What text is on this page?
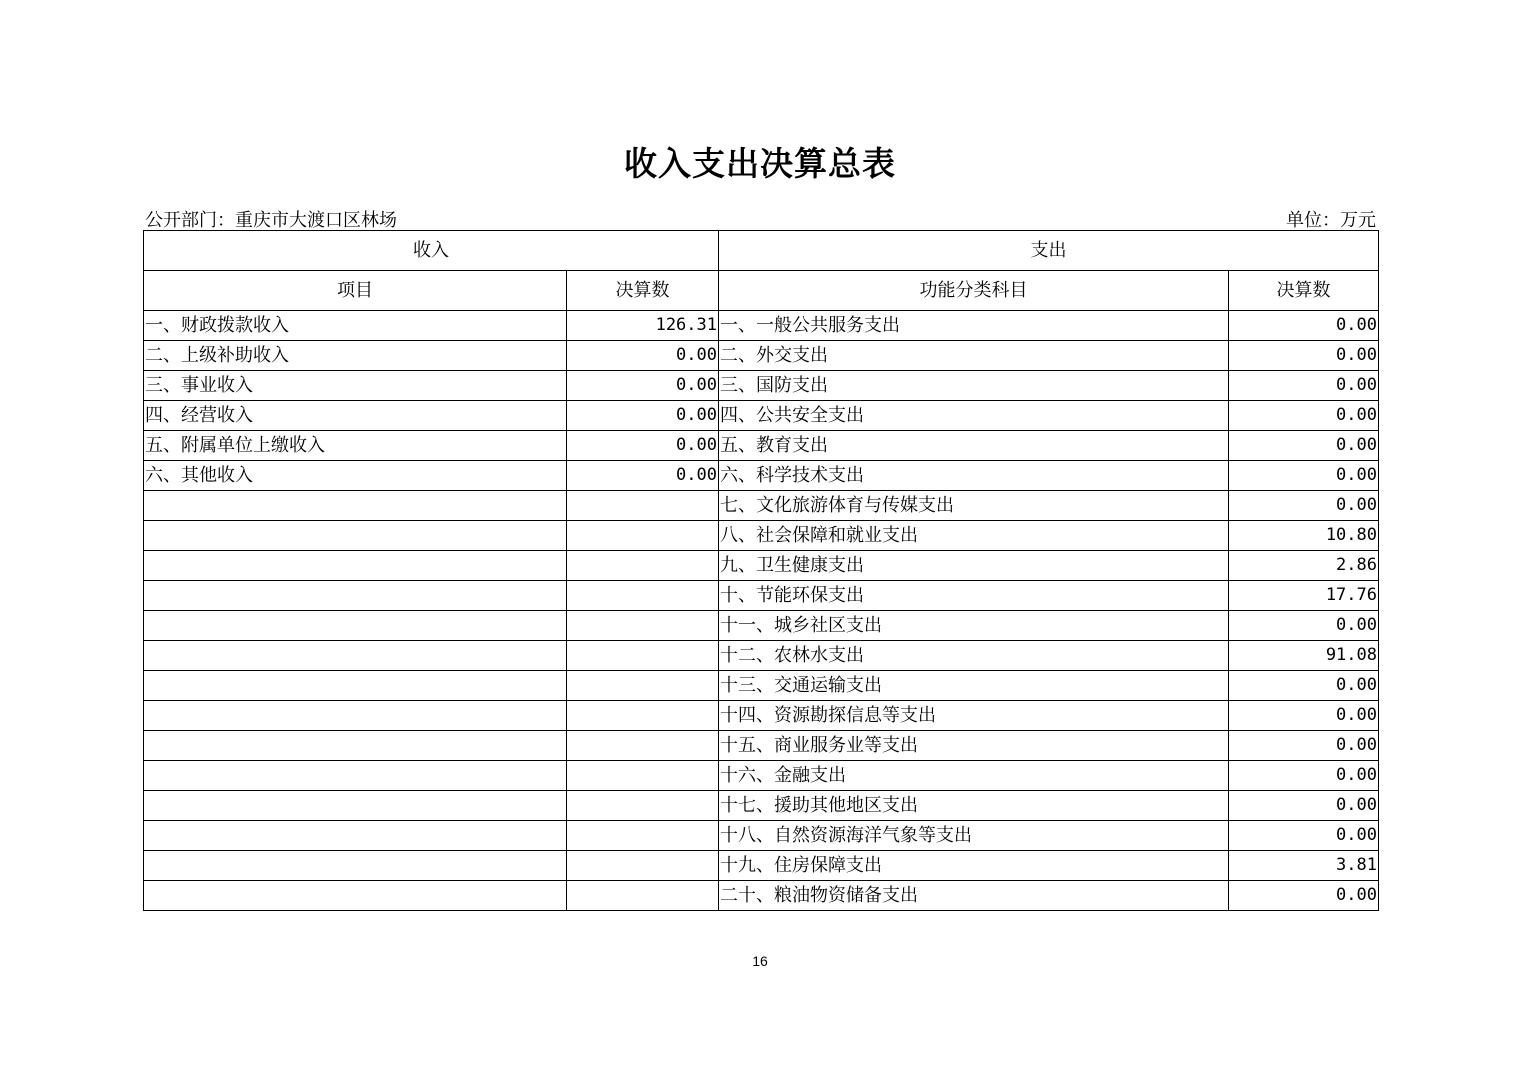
收入支出决算总表
公开部门：重庆市大渡口区林场	单位：万元
收入		支出	
项目	决算数	功能分类科目	决算数
一、财政拨款收入	126.31	一、一般公共服务支出	0.00
二、上级补助收入	0.00	二、外交支出	0.00
三、事业收入	0.00	三、国防支出	0.00
四、经营收入	0.00	四、公共安全支出	0.00
五、附属单位上缴收入	0.00	五、教育支出	0.00
六、其他收入	0.00	六、科学技术支出	0.00
		七、文化旅游体育与传媒支出	0.00
		八、社会保障和就业支出	10.80
		九、卫生健康支出	2.86
		十、节能环保支出	17.76
		十一、城乡社区支出	0.00
		十二、农林水支出	91.08
		十三、交通运输支出	0.00
		十四、资源勘探信息等支出	0.00
		十五、商业服务业等支出	0.00
		十六、金融支出	0.00
		十七、援助其他地区支出	0.00
		十八、自然资源海洋气象等支出	0.00
		十九、住房保障支出	3.81
		二十、粮油物资储备支出	0.00
16
